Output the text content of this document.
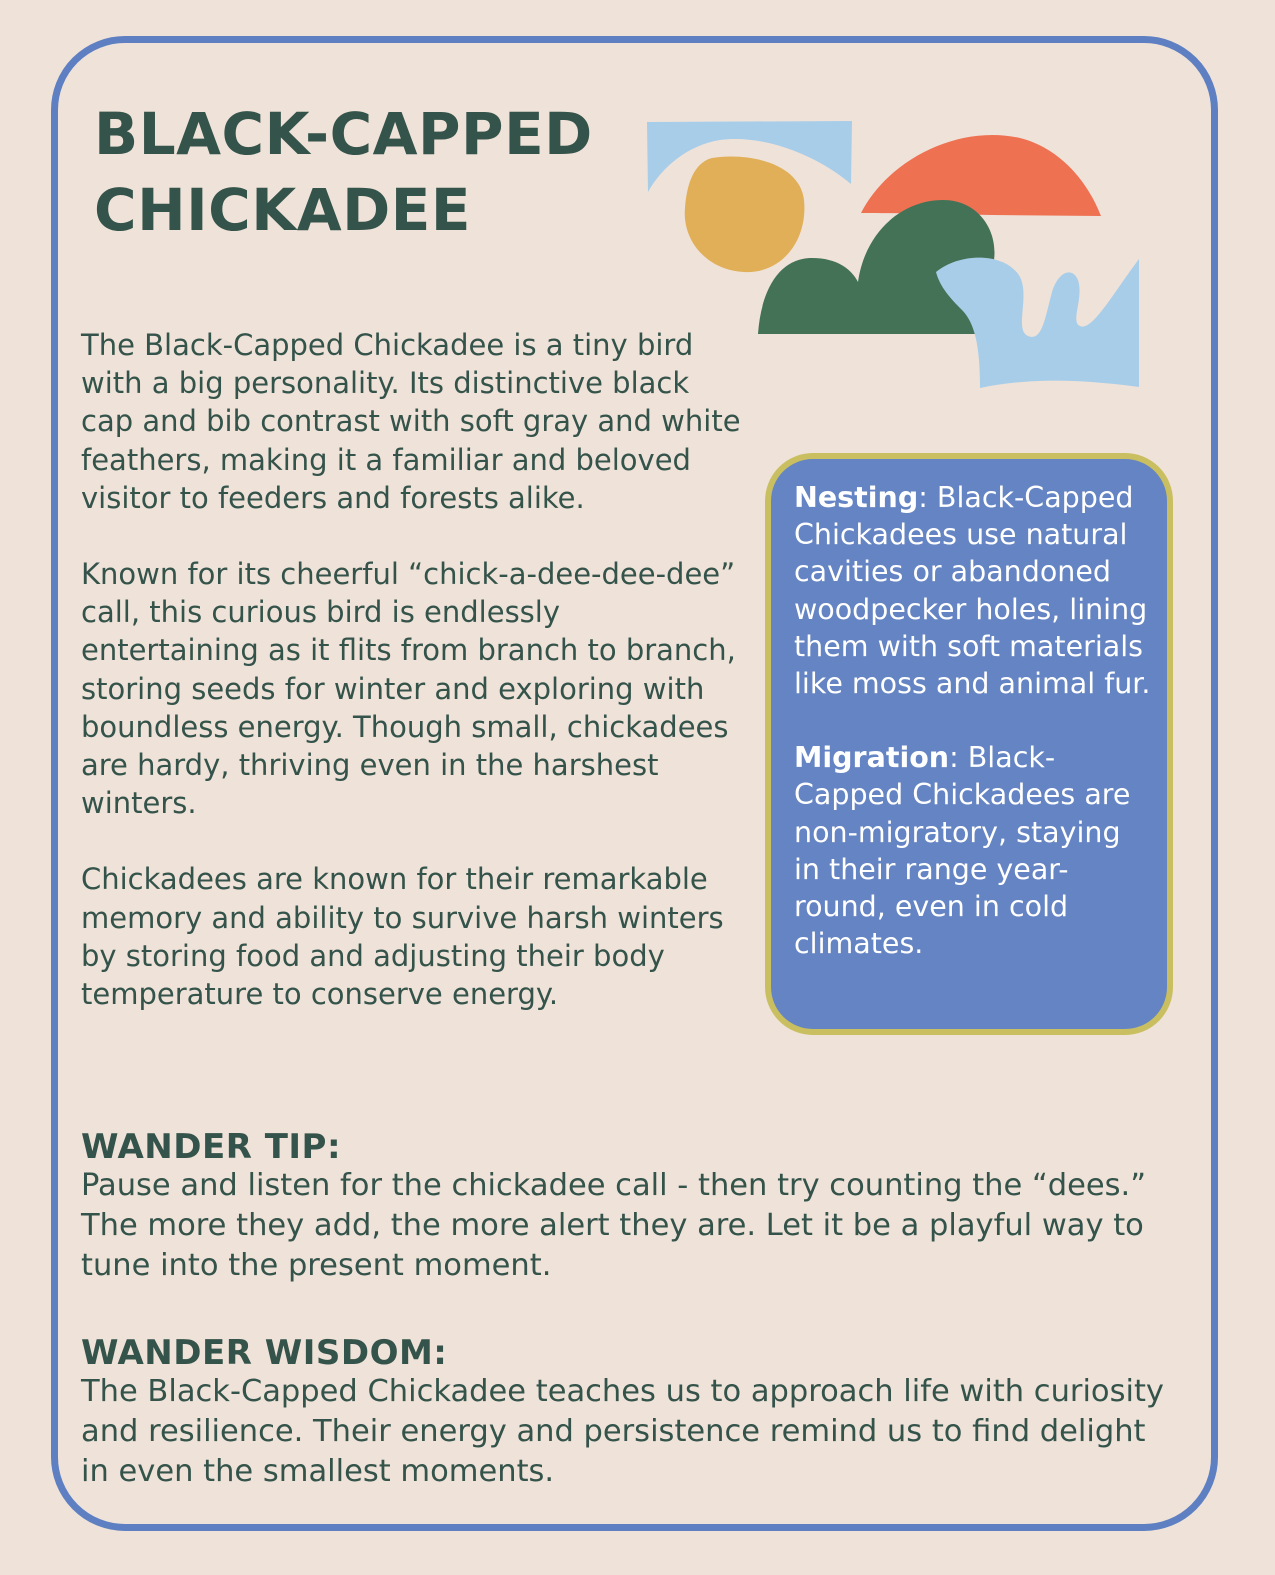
BLACK-CAPPED
CHICKADEE

The Black-Capped Chickadee is a tiny bird with a big personality. Its distinctive black cap and bib contrast with soft gray and white feathers, making it a familiar and beloved visitor to feeders and forests alike.

Known for its cheerful “chick-a-dee-dee-dee” call, this curious bird is endlessly entertaining as it flits from branch to branch, storing seeds for winter and exploring with boundless energy. Though small, chickadees are hardy, thriving even in the harshest winters.

Chickadees are known for their remarkable memory and ability to survive harsh winters by storing food and adjusting their body temperature to conserve energy.

Nesting: Black-Capped Chickadees use natural cavities or abandoned woodpecker holes, lining them with soft materials like moss and animal fur.

Migration: Black-Capped Chickadees are non-migratory, staying in their range year-round, even in cold climates.

WANDER TIP:

Pause and listen for the chickadee call - then try counting the “dees.” The more they add, the more alert they are. Let it be a playful way to tune into the present moment.

WANDER WISDOM:

The Black-Capped Chickadee teaches us to approach life with curiosity and resilience. Their energy and persistence remind us to find delight in even the smallest moments.
